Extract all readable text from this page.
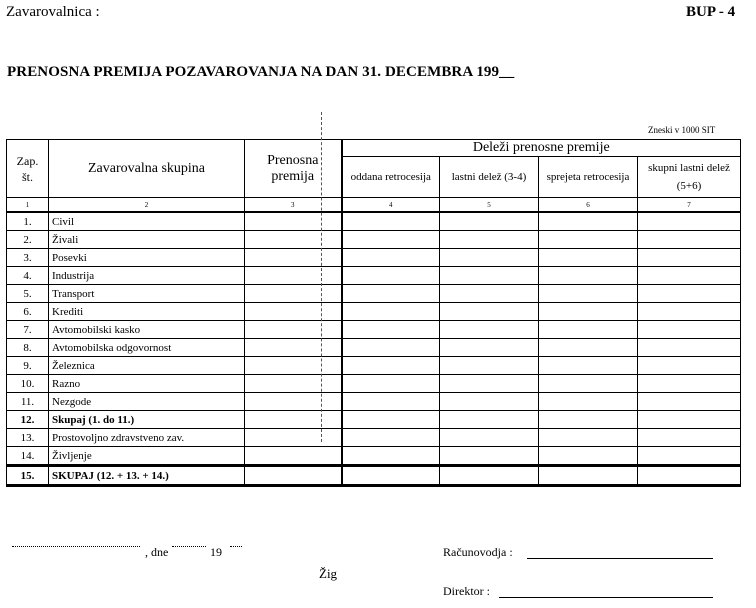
Zavarovalnica :	BUP - 4
PRENOSNA PREMIJA POZAVAROVANJA NA DAN 31. DECEMBRA 199__
Zneski v 1000 SIT
Zap. št.	Zavarovalna skupina	Prenosna premija	Deleži prenosne premije			
			oddana retrocesija	lastni delež (3-4)	sprejeta retrocesija	skupni lastni delež (5+6)
1	2	3	4	5	6	7
1.	Civil					
2.	Živali					
3.	Posevki					
4.	Industrija					
5.	Transport					
6.	Krediti					
7.	Avtomobilski kasko					
8.	Avtomobilska odgovornost					
9.	Železnica					
10.	Razno					
11.	Nezgode					
12.	Skupaj (1. do 11.)					
13.	Prostovoljno zdravstveno zav.					
14.	Življenje					
15.	SKUPAJ (12. + 13. + 14.)					
, dne	19
Žig
Računovodja :
Direktor :
